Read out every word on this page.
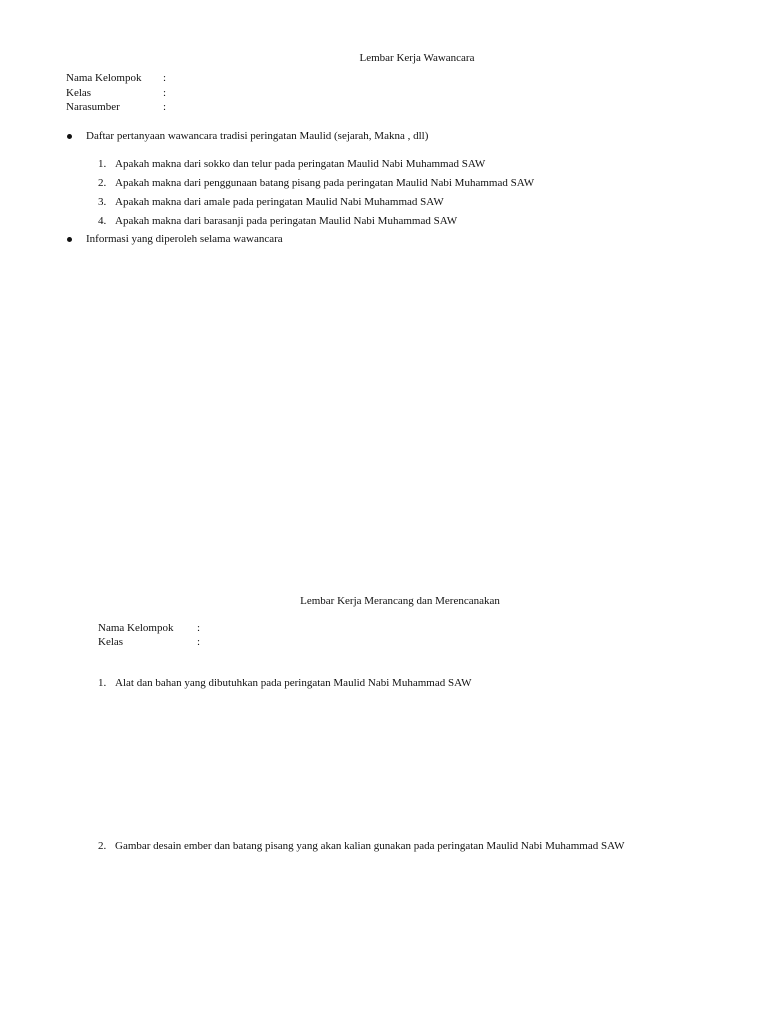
Lembar Kerja Wawancara
Nama Kelompok :
Kelas	:
Narasumber	:
Daftar pertanyaan wawancara tradisi peringatan Maulid (sejarah, Makna , dll)
1. Apakah makna dari sokko dan telur pada peringatan Maulid Nabi Muhammad SAW
2. Apakah makna dari penggunaan batang pisang pada peringatan Maulid Nabi Muhammad SAW
3. Apakah makna dari amale pada peringatan Maulid Nabi Muhammad SAW
4. Apakah makna dari barasanji pada peringatan Maulid Nabi Muhammad SAW
Informasi yang diperoleh selama wawancara
Lembar Kerja Merancang dan Merencanakan
Nama Kelompok :
Kelas	:
1. Alat dan bahan yang dibutuhkan pada peringatan Maulid Nabi Muhammad SAW
2. Gambar desain ember dan batang pisang yang akan kalian gunakan pada peringatan Maulid Nabi Muhammad SAW
